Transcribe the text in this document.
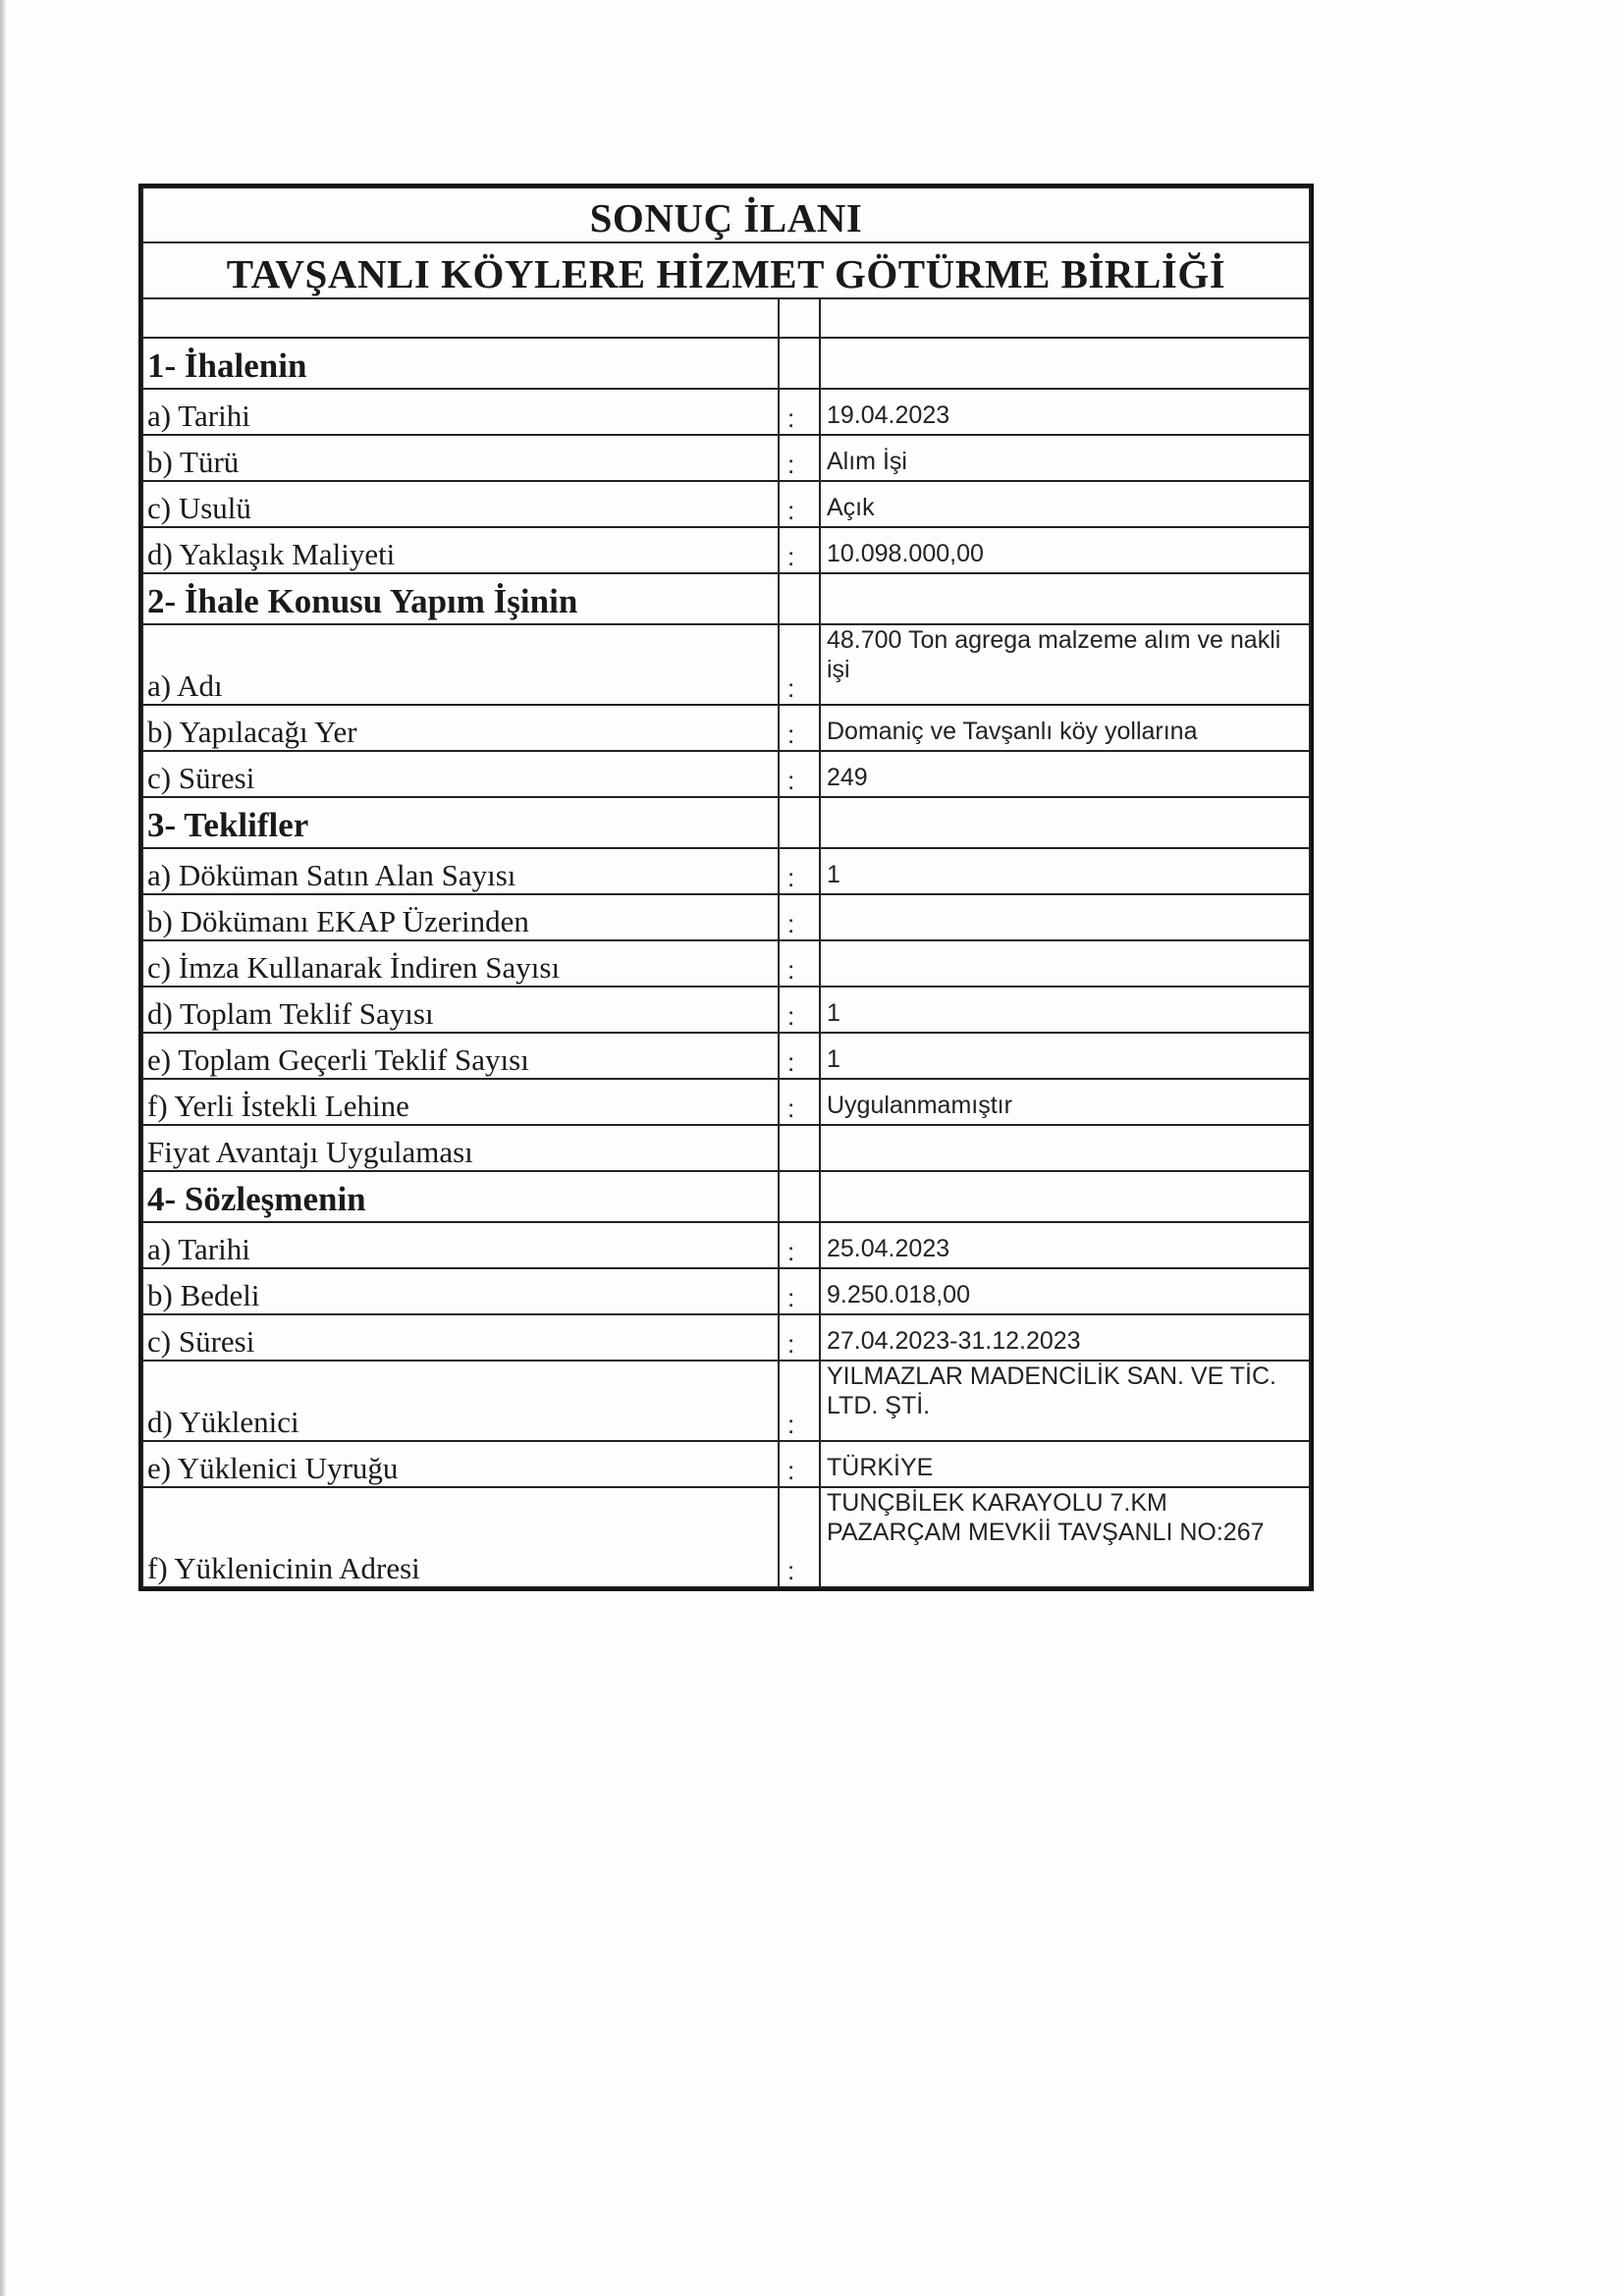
SONUÇ İLANI		
TAVŞANLI KÖYLERE HİZMET GÖTÜRME BİRLİĞİ		

1- İhalenin		
a) Tarihi	:	19.04.2023
b) Türü	:	Alım İşi
c) Usulü	:	Açık
d) Yaklaşık Maliyeti	:	10.098.000,00
2- İhale Konusu Yapım İşinin		
a) Adı	:	48.700 Ton agrega malzeme alım ve nakli işi
b) Yapılacağı Yer	:	Domaniç ve Tavşanlı köy yollarına
c) Süresi	:	249
3- Teklifler		
a) Döküman Satın Alan Sayısı	:	1
b) Dökümanı EKAP Üzerinden	:	
c) İmza Kullanarak İndiren Sayısı	:	
d) Toplam Teklif Sayısı	:	1
e) Toplam Geçerli Teklif Sayısı	:	1
f) Yerli İstekli Lehine	:	Uygulanmamıştır
Fiyat Avantajı Uygulaması		
4- Sözleşmenin		
a) Tarihi	:	25.04.2023
b) Bedeli	:	9.250.018,00
c) Süresi	:	27.04.2023-31.12.2023
d) Yüklenici	:	YILMAZLAR MADENCİLİK SAN. VE TİC. LTD. ŞTİ.
e) Yüklenici Uyruğu	:	TÜRKİYE
f) Yüklenicinin Adresi	:	TUNÇBİLEK KARAYOLU 7.KM PAZARÇAM MEVKİİ TAVŞANLI NO:267
